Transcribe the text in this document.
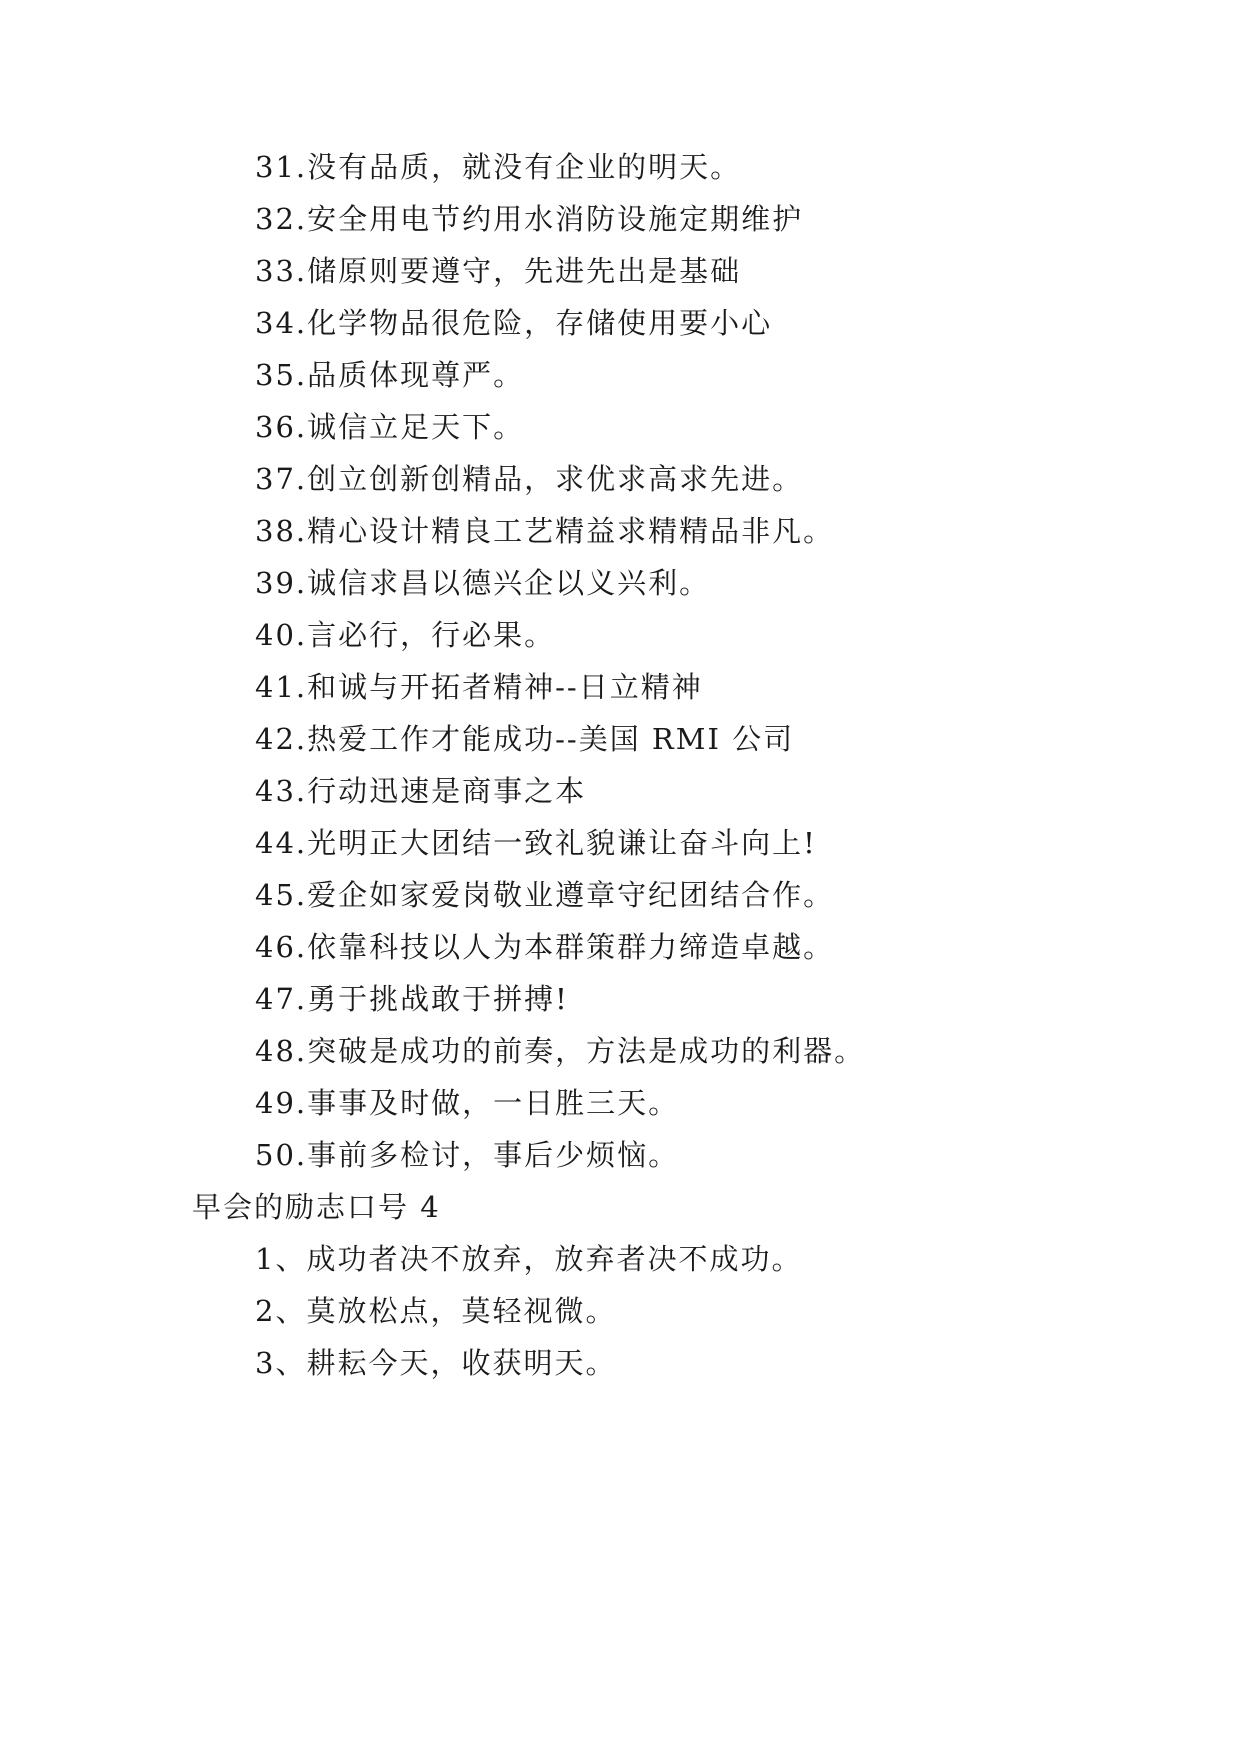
31.没有品质，就没有企业的明天。

32.安全用电节约用水消防设施定期维护

33.储原则要遵守，先进先出是基础

34.化学物品很危险，存储使用要小心

35.品质体现尊严。

36.诚信立足天下。

37.创立创新创精品，求优求高求先进。

38.精心设计精良工艺精益求精精品非凡。

39.诚信求昌以德兴企以义兴利。

40.言必行，行必果。

41.和诚与开拓者精神--日立精神

42.热爱工作才能成功--美国 RMI 公司

43.行动迅速是商事之本

44.光明正大团结一致礼貌谦让奋斗向上!

45.爱企如家爱岗敬业遵章守纪团结合作。

46.依靠科技以人为本群策群力缔造卓越。

47.勇于挑战敢于拼搏!

48.突破是成功的前奏，方法是成功的利器。

49.事事及时做，一日胜三天。

50.事前多检讨，事后少烦恼。

早会的励志口号 4

1、成功者决不放弃，放弃者决不成功。

2、莫放松点，莫轻视微。

3、耕耘今天，收获明天。
